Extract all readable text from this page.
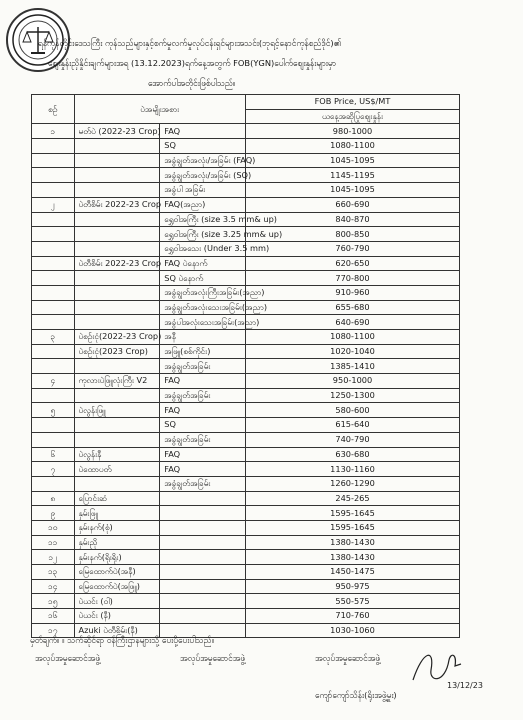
ရန်ကုန်တိုင်းဒေသကြီး ကုန်သည်များနှင့်စက်မှုလက်မှုလုပ်ငန်းရှင်များအသင်း(ဘုရင့်နောင်ကုန်စည်ဒိုင်)၏
စျေးနှုန်းညှိနှိုင်းချက်များအရ (13.12.2023)ရက်နေ့အတွက် FOB(YGN)ပေါက်စျေးနှုန်းများမှာ
အောက်ပါအတိုင်းဖြစ်ပါသည်။
စဉ်	ပဲအမျိုးအစား		FOB Price, US$/MT
			ယနေ့အဆိုပြုစျေးနှုန်း
၁	မတ်ပဲ (2022-23 Crop)	FAQ	980-1000
		SQ	1080-1100
		အခွံချွတ်အလုံး/အခြမ်း (FAQ)	1045-1095
		အခွံချွတ်အလုံး/အခြမ်း (SQ)	1145-1195
		အခွံပါ အခြမ်း	1045-1095
၂	ပဲတီစိမ်း 2022-23 Crop	FAQ(အညာ)	660-690
		ရွှေဝါအကြီး (size 3.5 mm& up)	840-870
		ရွှေဝါအကြီး (size 3.25 mm& up)	800-850
		ရွှေဝါအသေး (Under 3.5 mm)	760-790
	ပဲတီစိမ်း 2022-23 Crop	FAQ ပဲနောက်	620-650
		SQ ပဲနောက်	770-800
		အခွံချွတ်အလုံးကြီးအခြမ်း(အညာ)	910-960
		အခွံချွတ်အလုံးသေးအခြမ်း(အညာ)	655-680
		အခွံပါအလုံးသေးအခြမ်း(အညာ)	640-690
၃	ပဲစဥ်းငုံ(2022-23 Crop)	အနီ	1080-1100
	ပဲစဥ်းငုံ(2023 Crop)	အဖြူ(စစ်ကိုင်း)	1020-1040
		အခွံချွတ်အခြမ်း	1385-1410
၄	ကုလားပဲဖြူလုံးကြီး V2	FAQ	950-1000
		အခွံချွတ်အခြမ်း	1250-1300
၅	ပဲလွန်းဖြူ	FAQ	580-600
		SQ	615-640
		အခွံချွတ်အခြမ်း	740-790
၆	ပဲလွန်းနီ	FAQ	630-680
၇	ပဲထောပတ်	FAQ	1130-1160
		အခွံချွတ်အခြမ်း	1260-1290
၈	ပြောင်းဆံ		245-265
၉	နှမ်းဖြူ		1595-1645
၁၀	နှမ်းနက်(စုံ)		1595-1645
၁၁	နှမ်းညို		1380-1430
၁၂	နှမ်းနက်(ရိုးရိုး)		1380-1430
၁၃	မြေထောက်ပဲ(အနီ)		1450-1475
၁၄	မြေထောက်ပဲ(အဖြူ)		950-975
၁၅	ပဲယင်း (ဝါ)		550-575
၁၆	ပဲယင်း (နီ)		710-760
၁၇	Azuki ပဲတီစိမ်း(နီ)		1030-1060
မှတ်ချက်။ ။ သက်ဆိုင်ရာ ဝန်ကြီးဌာနများသို့ ပေးပို့ပေးပါသည်။
အလုပ်အမှုဆောင်အဖွဲ့	အလုပ်အမှုဆောင်အဖွဲ့	အလုပ်အမှုဆောင်အဖွဲ့
ကျော်ကျော်သိန်း(ရိုးအဖွဲ့မှူး)
13/12/23
